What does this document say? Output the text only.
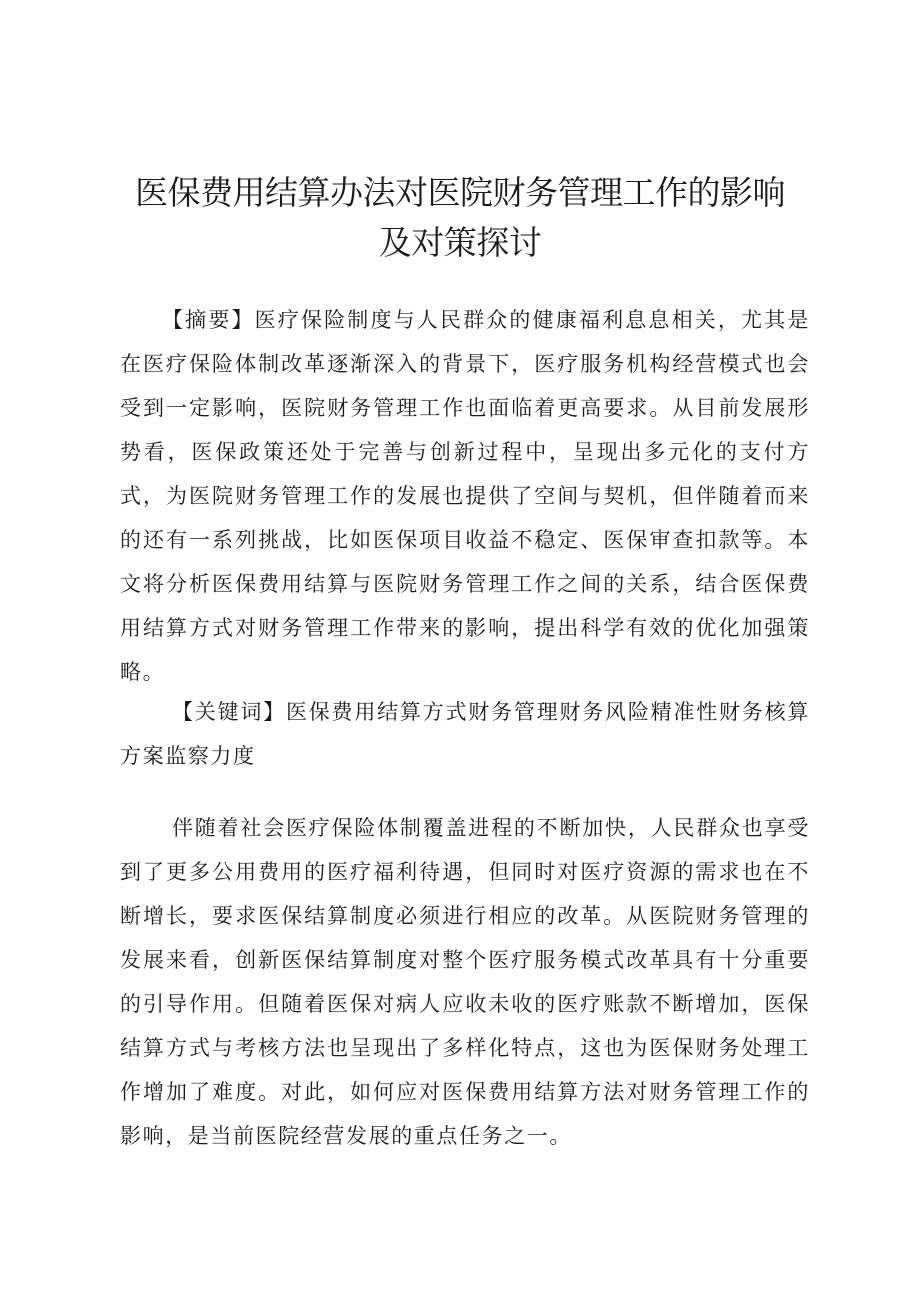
医保费用结算办法对医院财务管理工作的影响
及对策探讨

【摘要】医疗保险制度与人民群众的健康福利息息相关，尤其是在医疗保险体制改革逐渐深入的背景下，医疗服务机构经营模式也会受到一定影响，医院财务管理工作也面临着更高要求。从目前发展形势看，医保政策还处于完善与创新过程中，呈现出多元化的支付方式，为医院财务管理工作的发展也提供了空间与契机，但伴随着而来的还有一系列挑战，比如医保项目收益不稳定、医保审查扣款等。本文将分析医保费用结算与医院财务管理工作之间的关系，结合医保费用结算方式对财务管理工作带来的影响，提出科学有效的优化加强策略。

【关键词】医保费用结算方式财务管理财务风险精准性财务核算方案监察力度

伴随着社会医疗保险体制覆盖进程的不断加快，人民群众也享受到了更多公用费用的医疗福利待遇，但同时对医疗资源的需求也在不断增长，要求医保结算制度必须进行相应的改革。从医院财务管理的发展来看，创新医保结算制度对整个医疗服务模式改革具有十分重要的引导作用。但随着医保对病人应收未收的医疗账款不断增加，医保结算方式与考核方法也呈现出了多样化特点，这也为医保财务处理工作增加了难度。对此，如何应对医保费用结算方法对财务管理工作的影响，是当前医院经营发展的重点任务之一。
